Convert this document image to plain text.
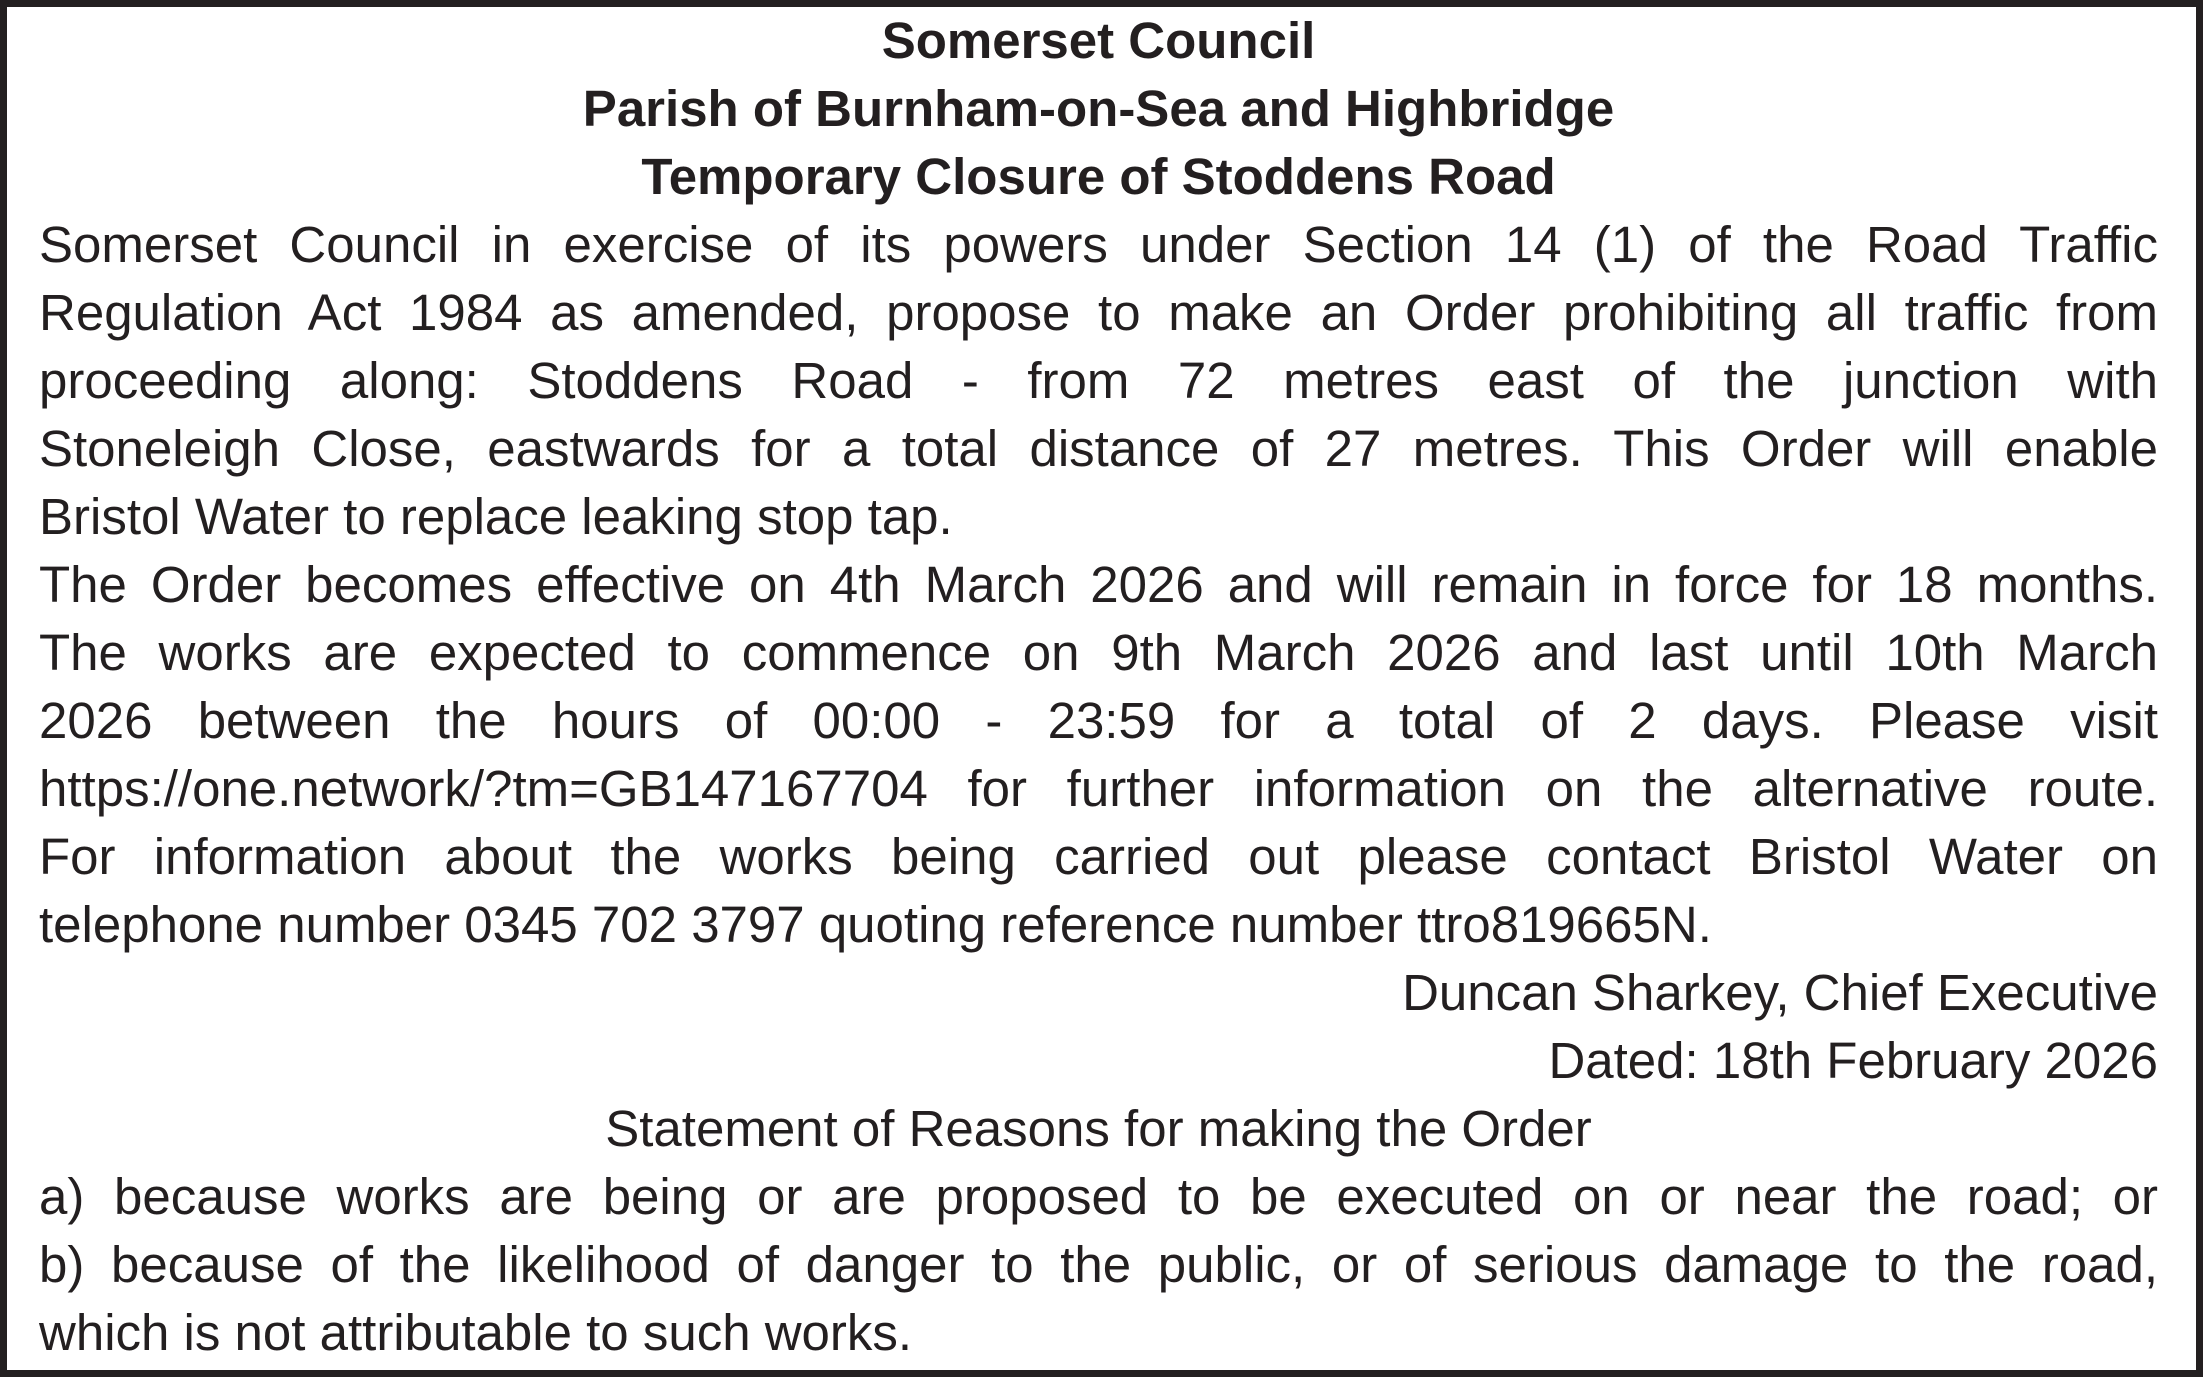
Somerset Council
Parish of Burnham-on-Sea and Highbridge
Temporary Closure of Stoddens Road
Somerset Council in exercise of its powers under Section 14 (1) of the Road Traffic
Regulation Act 1984 as amended, propose to make an Order prohibiting all traffic from
proceeding along: Stoddens Road - from 72 metres east of the junction with
Stoneleigh Close, eastwards for a total distance of 27 metres. This Order will enable
Bristol Water to replace leaking stop tap.
The Order becomes effective on 4th March 2026 and will remain in force for 18 months.
The works are expected to commence on 9th March 2026 and last until 10th March
2026 between the hours of 00:00 - 23:59 for a total of 2 days. Please visit
https://one.network/?tm=GB147167704 for further information on the alternative route.
For information about the works being carried out please contact Bristol Water on
telephone number 0345 702 3797 quoting reference number ttro819665N.
Duncan Sharkey, Chief Executive
Dated: 18th February 2026
Statement of Reasons for making the Order
a) because works are being or are proposed to be executed on or near the road; or
b) because of the likelihood of danger to the public, or of serious damage to the road,
which is not attributable to such works.
